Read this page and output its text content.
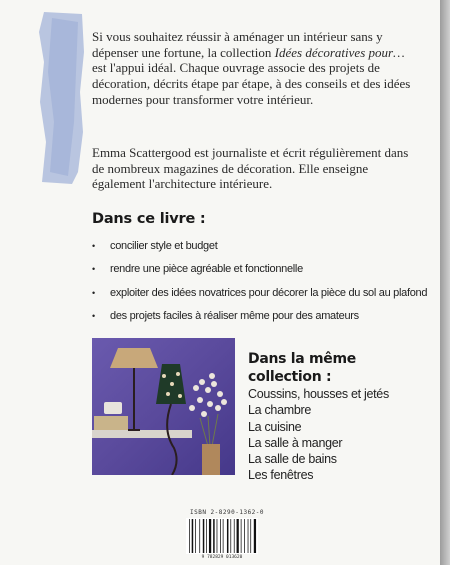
Si vous souhaitez réussir à aménager un intérieur sans y dépenser une fortune, la collection Idées décoratives pour… est l'appui idéal. Chaque ouvrage associe des projets de décoration, décrits étape par étape, à des conseils et des idées modernes pour transformer votre intérieur.

Emma Scattergood est journaliste et écrit régulièrement dans de nombreux magazines de décoration. Elle enseigne également l'architecture intérieure.

Dans ce livre :
•	concilier style et budget
•	rendre une pièce agréable et fonctionnelle
•	exploiter des idées novatrices pour décorer la pièce du sol au plafond
•	des projets faciles à réaliser même pour des amateurs
Dans la même
collection :
Coussins, housses et jetés
La chambre
La cuisine
La salle à manger
La salle de bains
Les fenêtres
ISBN 2-8290-1362-0
9 782829 013620
